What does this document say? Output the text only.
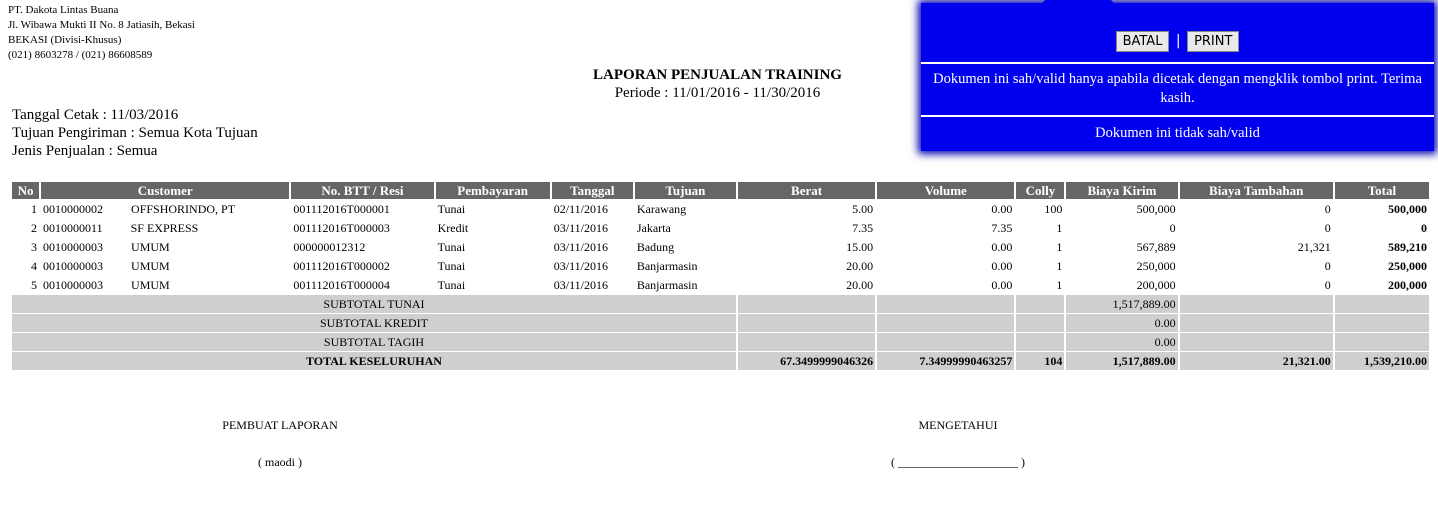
PT. Dakota Lintas Buana
Jl. Wibawa Mukti II No. 8 Jatiasih, Bekasi
BEKASI (Divisi-Khusus)
(021) 8603278 / (021) 86608589
LAPORAN PENJUALAN TRAINING
Periode : 11/01/2016 - 11/30/2016
Tanggal Cetak : 11/03/2016
Tujuan Pengiriman : Semua Kota Tujuan
Jenis Penjualan : Semua
BATAL | PRINT
Dokumen ini sah/valid hanya apabila dicetak dengan mengklik tombol print. Terima kasih.
Dokumen ini tidak sah/valid
No	Customer	No. BTT / Resi	Pembayaran	Tanggal	Tujuan	Berat	Volume	Colly	Biaya Kirim	Biaya Tambahan	Total
1	0010000002 OFFSHORINDO, PT	001112016T000001	Tunai	02/11/2016	Karawang	5.00	0.00	100	500,000	0	500,000
2	0010000011 SF EXPRESS	001112016T000003	Kredit	03/11/2016	Jakarta	7.35	7.35	1	0	0	0
3	0010000003 UMUM	000000012312	Tunai	03/11/2016	Badung	15.00	0.00	1	567,889	21,321	589,210
4	0010000003 UMUM	001112016T000002	Tunai	03/11/2016	Banjarmasin	20.00	0.00	1	250,000	0	250,000
5	0010000003 UMUM	001112016T000004	Tunai	03/11/2016	Banjarmasin	20.00	0.00	1	200,000	0	200,000
SUBTOTAL TUNAI									1,517,889.00		
SUBTOTAL KREDIT									0.00		
SUBTOTAL TAGIH									0.00		
TOTAL KESELURUHAN						67.3499999046326	7.34999990463257	104	1,517,889.00	21,321.00	1,539,210.00
PEMBUAT LAPORAN
( maodi )
MENGETAHUI
( ____________________ )
